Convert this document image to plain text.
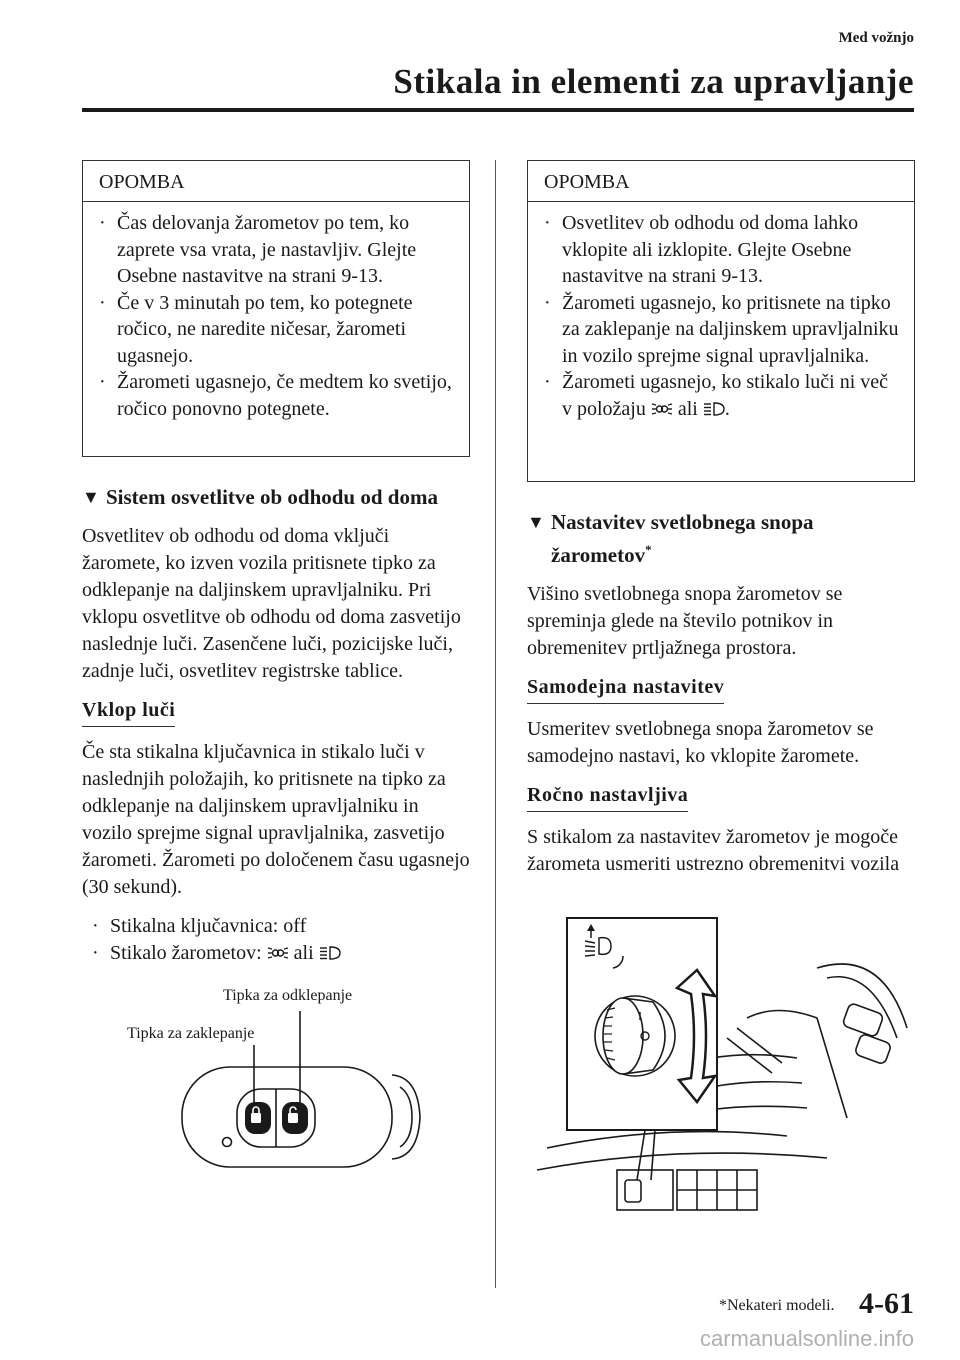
Med vožnjo
Stikala in elementi za upravljanje
OPOMBA
· Čas delovanja žarometov po tem, ko zaprete vsa vrata, je nastavljiv. Glejte Osebne nastavitve na strani 9-13.
· Če v 3 minutah po tem, ko potegnete ročico, ne naredite ničesar, žarometi ugasnejo.
· Žarometi ugasnejo, če medtem ko svetijo, ročico ponovno potegnete.
▼ Sistem osvetlitve ob odhodu od doma
Osvetlitev ob odhodu od doma vključi žaromete, ko izven vozila pritisnete tipko za odklepanje na daljinskem upravljalniku. Pri vklopu osvetlitve ob odhodu od doma zasvetijo naslednje luči. Zasenčene luči, pozicijske luči, zadnje luči, osvetlitev registrske tablice.
Vklop luči
Če sta stikalna ključavnica in stikalo luči v naslednjih položajih, ko pritisnete na tipko za odklepanje na daljinskem upravljalniku in vozilo sprejme signal upravljalnika, zasvetijo žarometi. Žarometi po določenem času ugasnejo (30 sekund).
· Stikalna ključavnica: off
· Stikalo žarometov: ali
Tipka za odklepanje
Tipka za zaklepanje
OPOMBA
· Osvetlitev ob odhodu od doma lahko vklopite ali izklopite. Glejte Osebne nastavitve na strani 9-13.
· Žarometi ugasnejo, ko pritisnete na tipko za zaklepanje na daljinskem upravljalniku in vozilo sprejme signal upravljalnika.
· Žarometi ugasnejo, ko stikalo luči ni več v položaju ali .
▼ Nastavitev svetlobnega snopa žarometov*
Višino svetlobnega snopa žarometov se spreminja glede na število potnikov in obremenitev prtljažnega prostora.
Samodejna nastavitev
Usmeritev svetlobnega snopa žarometov se samodejno nastavi, ko vklopite žaromete.
Ročno nastavljiva
S stikalom za nastavitev žarometov je mogoče žarometa usmeriti ustrezno obremenitvi vozila
*Nekateri modeli. 4-61
carmanualsonline.info
